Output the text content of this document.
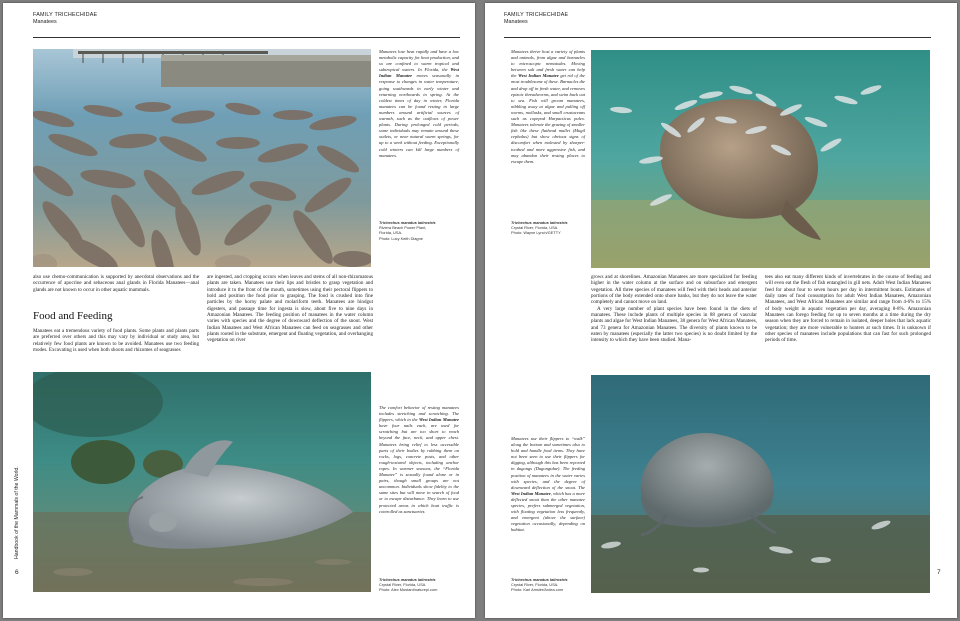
FAMILY TRICHECHIDAE
Manatees
Manatees lose heat rapidly and have a low metabolic capacity for heat production, and so are confined to warm tropical and subtropical waters. In Florida, the West Indian Manatee moves seasonally in response to changes in water temperature, going southwards in early winter and returning northwards in spring. At the coldest times of day in winter, Florida manatees can be found resting in large numbers around artificial sources of warmth, such as the outflows of power plants. During prolonged cold periods, some individuals may remain around these outlets, or near natural warm springs, for up to a week without feeding. Exceptionally cold winters can kill large numbers of manatees.
Trichechus manatus latirostris
Riviera Beach Power Plant,
Florida, USA.
Photo: Lucy Keith Diagne

also use chemo-communication is supported by anecdotal observations and the occurrence of apocrine and sebaceous anal glands in Florida Manatees—anal glands are not known to occur in other aquatic mammals.

Food and Feeding

Manatees eat a tremendous variety of food plants. Some plants and plants parts are preferred over others and this may vary by individual or study area, but relatively few food plants are known to be avoided. Manatees use two feeding modes. Excavating is used when both shoots and rhizomes of seagrasses

are ingested, and cropping occurs when leaves and stems of all non-rhizomatous plants are taken. Manatees use their lips and bristles to grasp vegetation and introduce it to the front of the mouth, sometimes using their pectoral flippers to hold and position the food prior to grasping. The food is crushed into fine particles by the horny palate and molariform teeth. Manatees are hindgut digesters, and passage time for ingesta is slow, about five to nine days in Amazonian Manatees. The feeding position of manatees in the water column varies with species and the degree of downward deflection of the snout. West Indian Manatees and West African Manatees can feed on seagrasses and other plants rooted in the substrate, emergent and floating vegetation, and overhanging vegetation on river

The comfort behavior of resting manatees includes stretching and scratching. The flippers, which in the West Indian Manatee have four nails each, are used for scratching but are too short to reach beyond the face, neck, and upper chest. Manatees bring relief to less accessible parts of their bodies by rubbing them on rocks, logs, concrete posts, and other rough-textured objects, including anchor ropes. In warmer seasons, the “Florida Manatee” is sexually found alone or in pairs, though small groups are not uncommon. Individuals show fidelity to the same sites but will move in search of food or to escape disturbance. They learn to use protected areas in which boat traffic is controlled as sanctuaries.
Trichechus manatus latirostris
Crystal River, Florida, USA.
Photo: Alex Mustard/naturepl.com
6
Handbook of the Mammals of the World.
FAMILY TRICHECHIDAE
Manatees
Manatees thrive host a variety of plants and animals, from algae and barnacles to microscopic nematodes. Moving between salt and fresh water can help the West Indian Manatee get rid of the most troublesome of these. Barnacles die and drop off in fresh water, and removes epizoic threadworms, and swim back out to sea. Fish will groom manatees, nibbling away at algae and pulling off worms, mollusks, and small crustaceans such as copepod Harpacticus pulex. Manatees tolerate the grazing of smaller fish like these flathead mullet (Mugil cephalus) but show obvious signs of discomfort when molested by sharper-toothed and more aggressive fish, and may abandon their resting places to escape them.
Trichechus manatus latirostris
Crystal River, Florida, USA.
Photo: Wayne Lynch/GETTY

grows and at shorelines. Amazonian Manatees are more specialized for feeding higher in the water column at the surface and on subsurface and emergent vegetation. All three species of manatees will feed with their heads and anterior portions of the body extended onto shore banks, but they do not leave the water completely and cannot move on land.

A very large number of plant species have been found in the diets of manatees. These include plants of multiple species in 88 genera of vascular plants and algae for West Indian Manatees, 38 genera for West African Manatees, and 73 genera for Amazonian Manatees. The diversity of plants known to be eaten by manatees (especially the latter two species) is no doubt limited by the intensity to which they have been studied. Mana-

tees also eat many different kinds of invertebrates in the course of feeding and will even eat the flesh of fish entangled in gill nets. Adult West Indian Manatees feed for about four to seven hours per day in intermittent bouts. Estimates of daily rates of food consumption for adult West Indian Manatees, Amazonian Manatees, and West African Manatees are similar and range from 4-6% to 15% of body weight in aquatic vegetation per day, averaging 8-8%. Amazonian Manatees can forego feeding for up to seven months at a time during the dry season when they are forced to remain in isolated, deeper holes that lack aquatic vegetation; they are more vulnerable to hunters at such times. It is unknown if other species of manatees include populations that can fast for such prolonged periods of time.

Manatees use their flippers to “walk” along the bottom and sometimes also to hold and handle food items. They have not been seen to use their flippers for digging, although this has been reported in dugongs (Dugongidae). The feeding position of manatees in the water varies with species, and the degree of downward deflection of the snout. The West Indian Manatee, which has a more deflected snout than the other manatee species, prefers submerged vegetation, with floating vegetation less frequently, and emergent (above the surface) vegetation occasionally, depending on habitat.
Trichechus manatus latirostris
Crystal River, Florida, USA.
Photo: Karl Amsler/Ardea.com
7
